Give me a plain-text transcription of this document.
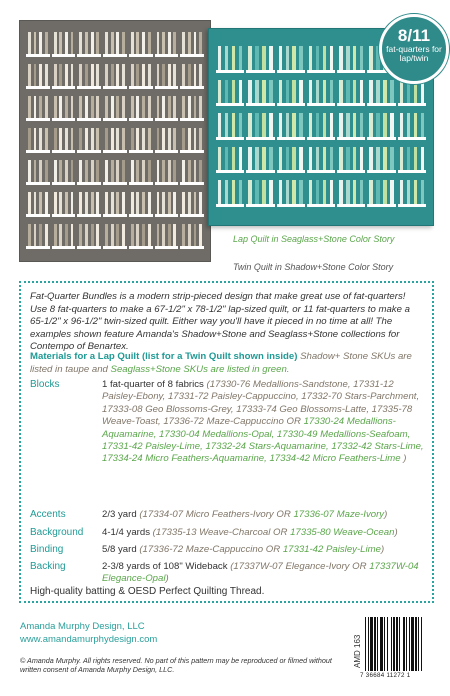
8/11
fat-quarters for lap/twin
Lap Quilt in Seaglass+Stone Color Story
Twin Quilt in Shadow+Stone Color Story
Fat-Quarter Bundles is a modern strip-pieced design that make great use of fat-quarters! Use 8 fat-quarters to make a 67-1/2" x 78-1/2" lap-sized quilt, or 11 fat-quarters to make a 65-1/2" x 96-1/2" twin-sized quilt. Either way you'll have it pieced in no time at all! The examples shown feature Amanda's Shadow+Stone and Seaglass+Stone collections for Contempo of Benartex.
Materials for a Lap Quilt (list for a Twin Quilt shown inside) Shadow+ Stone SKUs are listed in taupe and Seaglass+Stone SKUs are listed in green.
Blocks	1 fat-quarter of 8 fabrics (17330-76 Medallions-Sandstone, 17331-12 Paisley-Ebony, 17331-72 Paisley-Cappuccino, 17332-70 Stars-Parchment, 17333-08 Geo Blossoms-Grey, 17333-74 Geo Blossoms-Latte, 17335-78 Weave-Toast, 17336-72 Maze-Cappuccino OR 17330-24 Medallions-Aquamarine, 17330-04 Medallions-Opal, 17330-49 Medallions-Seafoam, 17331-42 Paisley-Lime, 17332-24 Stars-Aquamarine, 17332-42 Stars-Lime, 17334-24 Micro Feathers-Aquamarine, 17334-42 Micro Feathers-Lime )
Accents	2/3 yard (17334-07 Micro Feathers-Ivory OR 17336-07 Maze-Ivory)
Background 4-1/4 yards (17335-13 Weave-Charcoal OR 17335-80 Weave-Ocean)
Binding	5/8 yard (17336-72 Maze-Cappuccino OR 17331-42 Paisley-Lime)
Backing	2-3/8 yards of 108" Wideback (17337W-07 Elegance-Ivory OR 17337W-04 Elegance-Opal)
High-quality batting & OESD Perfect Quilting Thread.
Amanda Murphy Design, LLC
www.amandamurphydesign.com
© Amanda Murphy. All rights reserved. No part of this pattern may be reproduced or filmed without written consent of Amanda Murphy Design, LLC.
AMD 163
7 36684 11272 1
